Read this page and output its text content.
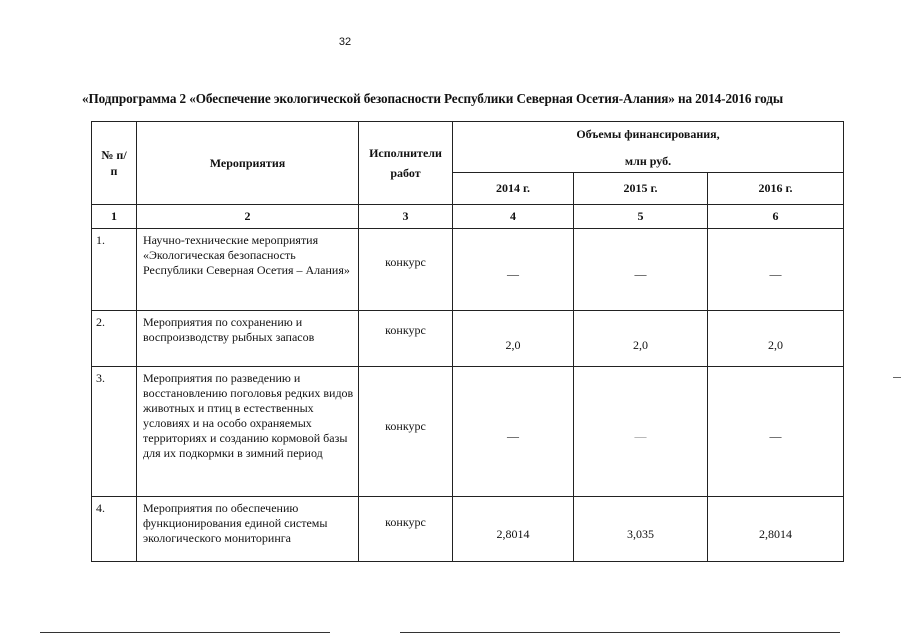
32
«Подпрограмма 2 «Обеспечение экологической безопасности Республики Северная Осетия-Алания» на 2014-2016 годы
№ п/п	Мероприятия	Исполнители работ	Объемы финансирования,
млн руб.		

			2014 г.	2015 г.	2016 г.
1	2	3	4	5	6
1.	Научно-технические мероприятия «Экологическая безопасность Республики Северная Осетия – Алания»	конкурс	—	—	—

2.	Мероприятия по сохранению и воспроизводству рыбных запасов	конкурс	2,0	2,0	2,0

3.	Мероприятия по разведению и восстановлению поголовья редких видов животных и птиц в естественных условиях и на особо охраняемых территориях и созданию кормовой базы для их подкормки в зимний период	конкурс	—	—	—

4.	Мероприятия по обеспечению функционирования единой системы экологического мониторинга	конкурс	2,8014	3,035	2,8014
